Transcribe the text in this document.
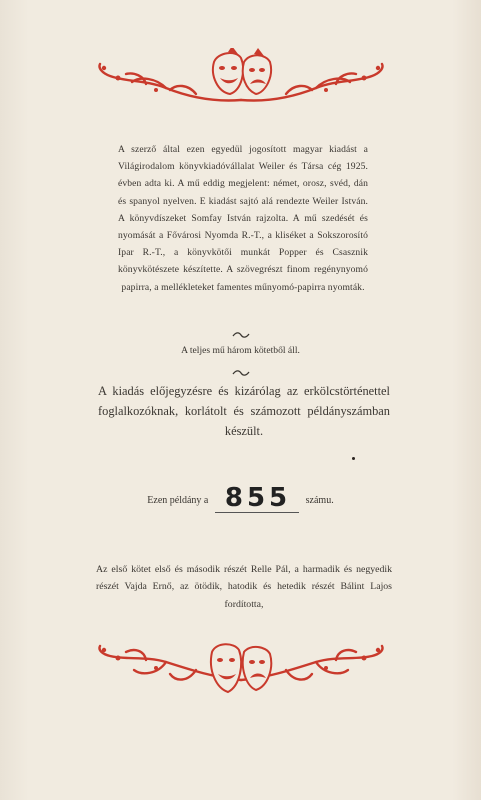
A szerző által ezen egyedül jogosított magyar kiadást a Világirodalom könyvkiadóvállalat Weiler és Társa cég 1925. évben adta ki. A mű eddig megjelent: német, orosz, svéd, dán és spanyol nyelven. E kiadást sajtó alá rendezte Weiler István. A könyvdíszeket Somfay István rajzolta. A mű szedését és nyomását a Fővárosi Nyomda R.-T., a kliséket a Sokszorosító Ipar R.-T., a könyvkötői munkát Popper és Csasznik könyvkötészete készítette. A szövegrészt finom regénynyomó papirra, a mellékleteket famentes műnyomó-papirra nyomták.
A teljes mű három kötetből áll.
A kiadás előjegyzésre és kizárólag az erkölcstörténettel foglalkozóknak, korlátolt és számozott példányszámban készült.
Ezen példány a 855 számu.
Az első kötet első és második részét Relle Pál, a harmadik és negyedik részét Vajda Ernő, az ötödik, hatodik és hetedik részét Bálint Lajos fordította,
